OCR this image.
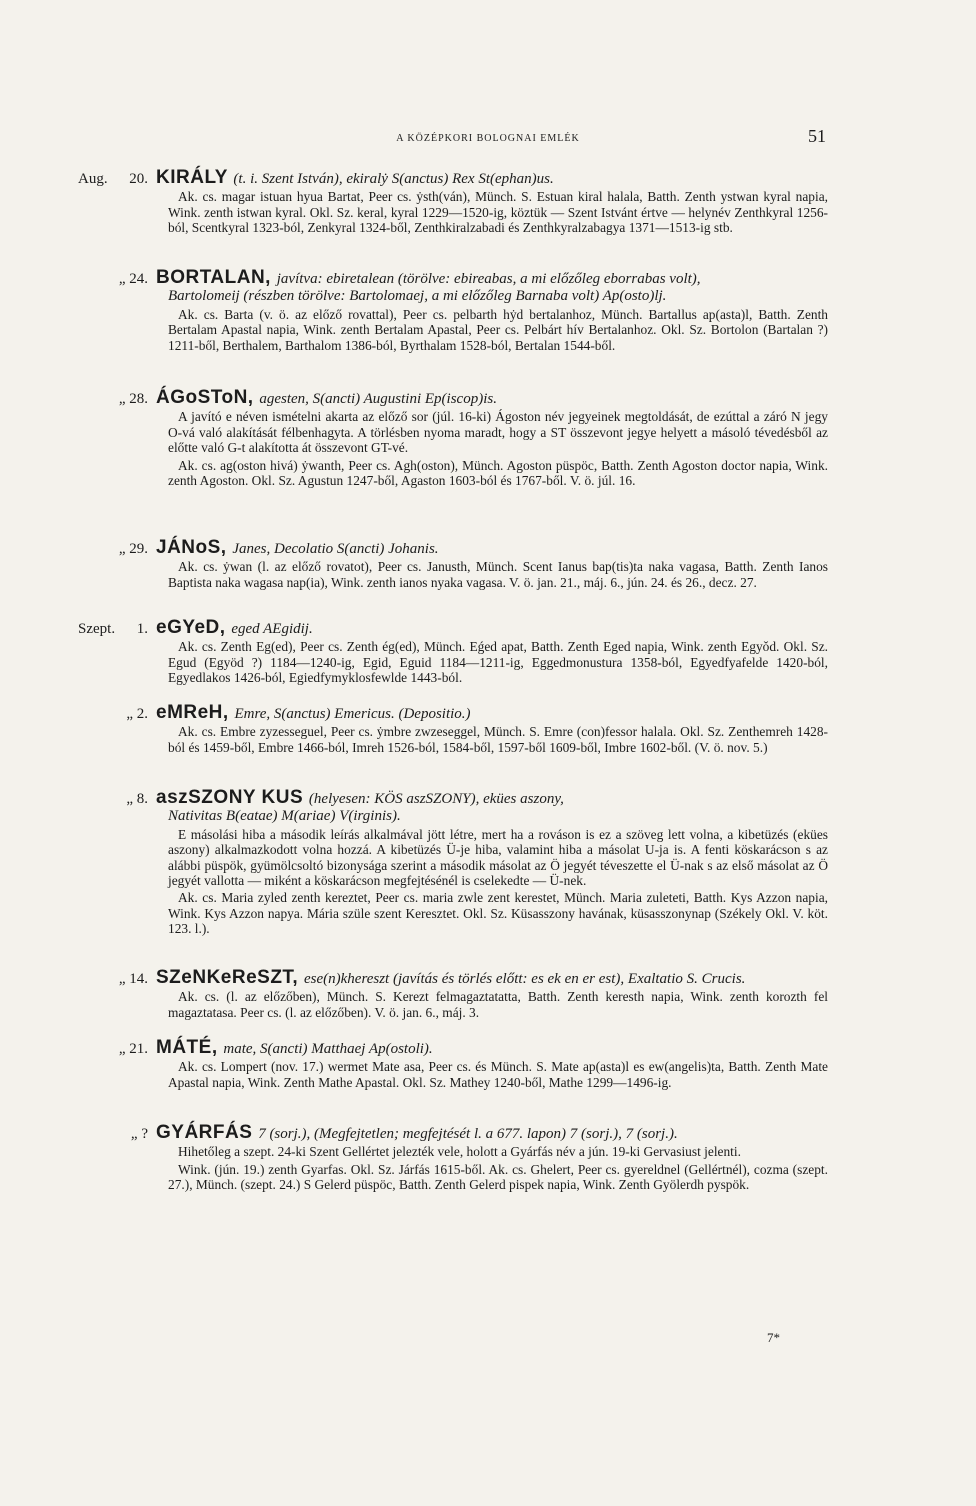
A KÖZÉPKORI BOLOGNAI EMLÉK	51
Aug. 20. KIRÁLY (t. i. Szent István), ekiralẏ S(anctus) Rex St(ephan)us.
Ak. cs. magar istuan hyua Bartat, Peer cs. ẏsth(ván), Münch. S. Estuan kiral halala, Batth. Zenth ystwan kyral napia, Wink. zenth istwan kyral. Okl. Sz. keral, kyral 1229—1520-ig, köztük — Szent Istvánt értve — helynév Zenthkyral 1256-ból, Scentkyral 1323-ból, Zenkyral 1324-ből, Zenthkiralzabadi és Zenthkyralzabagya 1371—1513-ig stb.
„ 24. BORTALAN, javítva: ebiretalean (törölve: ebireabas, a mi előzőleg eborrabas volt),
Bartolomeij (részben törölve: Bartolomaej, a mi előzőleg Barnaba volt) Ap(osto)lj.
Ak. cs. Barta (v. ö. az előző rovattal), Peer cs. pelbarth hẏd bertalanhoz, Münch. Bartallus ap(asta)l, Batth. Zenth Bertalam Apastal napia, Wink. zenth Bertalam Apastal, Peer cs. Pelbárt hív Bertalanhoz. Okl. Sz. Bortolon (Bartalan ?) 1211-ből, Berthalem, Barthalom 1386-ból, Byrthalam 1528-ból, Bertalan 1544-ből.
„ 28. ÁGoSToN, agesten, S(ancti) Augustini Ep(iscop)is.
A javító e néven ismételni akarta az előző sor (júl. 16-ki) Ágoston név jegyeinek megtoldását, de ezúttal a záró N jegy O-vá való alakítását félbenhagyta. A törlésben nyoma maradt, hogy a ST összevont jegye helyett a másoló tévedésből az előtte való G-t alakította át összevont GT-vé.
Ak. cs. ag(oston hivá) ẏwanth, Peer cs. Agh(oston), Münch. Agoston püspöc, Batth. Zenth Agoston doctor napia, Wink. zenth Agoston. Okl. Sz. Agustun 1247-ből, Agaston 1603-ból és 1767-ből. V. ö. júl. 16.
„ 29. JÁNoS, Janes, Decolatio S(ancti) Johanis.
Ak. cs. ẏwan (l. az előző rovatot), Peer cs. Janusth, Münch. Scent Ianus bap(tis)ta naka vagasa, Batth. Zenth Ianos Baptista naka wagasa nap(ia), Wink. zenth ianos nyaka vagasa. V. ö. jan. 21., máj. 6., jún. 24. és 26., decz. 27.
Szept. 1. eGYeD, eged AEgidij.
Ak. cs. Zenth Eg(ed), Peer cs. Zenth ég(ed), Münch. Eǵed apat, Batth. Zenth Eged napia, Wink. zenth Egyǒd. Okl. Sz. Egud (Egyöd ?) 1184—1240-ig, Egid, Eguid 1184—1211-ig, Eggedmonustura 1358-ból, Egyedfyafelde 1420-ból, Egyedlakos 1426-ból, Egiedfymyklosfewlde 1443-ból.
„ 2. eMReH, Emre, S(anctus) Emericus. (Depositio.)
Ak. cs. Embre zyzesseguel, Peer cs. ẏmbre zwzeseggel, Münch. S. Emre (con)fessor halala. Okl. Sz. Zenthemreh 1428-ból és 1459-ből, Embre 1466-ból, Imreh 1526-ból, 1584-ből, 1597-ből 1609-ből, Imbre 1602-ből. (V. ö. nov. 5.)
„ 8. aszSZONY KUS (helyesen: KÖS aszSZONY), ekües aszony,
Nativitas B(eatae) M(ariae) V(irginis).
E másolási hiba a második leírás alkalmával jött létre, mert ha a rováson is ez a szöveg lett volna, a kibetüzés (ekües aszony) alkalmazkodott volna hozzá. A kibetüzés Ü-je hiba, valamint hiba a másolat U-ja is. A fenti köskarácson s az alábbi püspök, gyümölcsoltó bizonyságа szerint a második másolat az Ö jegyét téveszette el Ü-nak s az első másolat az Ö jegyét vallotta — miként a köskarácson megfejtésénél is cselekedte — Ü-nek.
Ak. cs. Maria zyled zenth kereztet, Peer cs. maria zwle zent kerestet, Münch. Maria zuleteti, Batth. Kys Azzon napia, Wink. Kys Azzon napya. Mária szüle szent Keresztet. Okl. Sz. Küsasszony havának, küsasszonynap (Székely Okl. V. köt. 123. l.).
„ 14. SZeNKeReSZT, ese(n)khereszt (javítás és törlés előtt: es ek en er est), Exaltatio S. Crucis.
Ak. cs. (l. az előzőben), Münch. S. Kerezt felmagaztatatta, Batth. Zenth keresth napia, Wink. zenth korozth fel magaztatasa. Peer cs. (l. az előzőben). V. ö. jan. 6., máj. 3.
„ 21. MÁTÉ, mate, S(ancti) Matthaej Ap(ostoli).
Ak. cs. Lompert (nov. 17.) wermet Mate asa, Peer cs. és Münch. S. Mate ap(asta)l es ew(angelis)ta, Batth. Zenth Mate Apastal napia, Wink. Zenth Mathe Apastal. Okl. Sz. Mathey 1240-ből, Mathe 1299—1496-ig.
„ ? GYÁRFÁS 7 (sorj.), (Megfejtetlen; megfejtését l. a 677. lapon) 7 (sorj.), 7 (sorj.).
Hihetőleg a szept. 24-ki Szent Gellértet jelezték vele, holott a Gyárfás név a jún. 19-ki Gervasiust jelenti.
Wink. (jún. 19.) zenth Gyarfas. Okl. Sz. Járfás 1615-ből. Ak. cs. Ghelert, Peer cs. gyereldnel (Gellértnél), cozma (szept. 27.), Münch. (szept. 24.) S Gelerd püspöc, Batth. Zenth Gelerd pispek napia, Wink. Zenth Gyölerdh pyspök.
7*
